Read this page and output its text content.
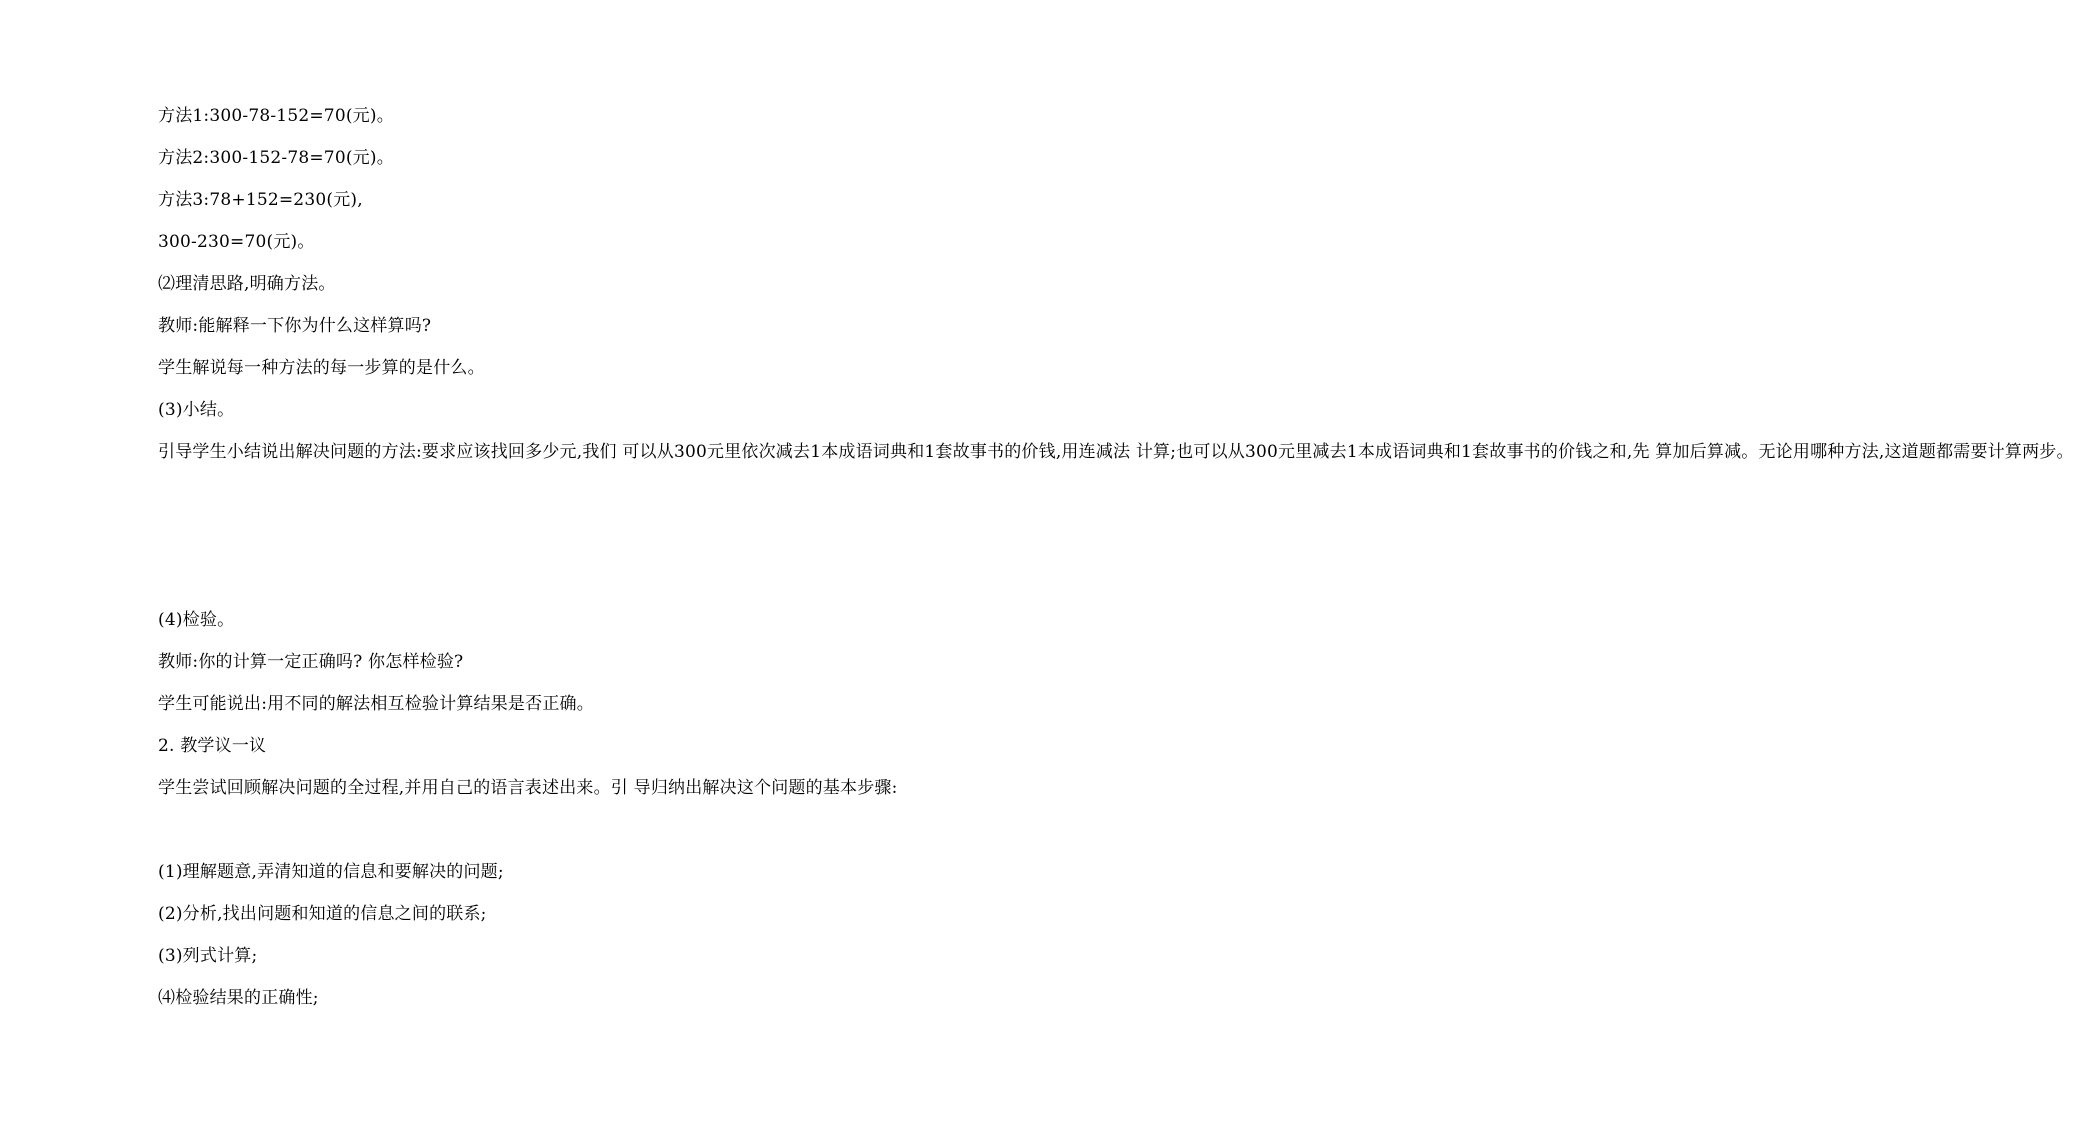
方法1:300-78-152=70(元)。

方法2:300-152-78=70(元)。

方法3:78+152=230(元),

300-230=70(元)。

⑵理清思路,明确方法。

教师:能解释一下你为什么这样算吗?

学生解说每一种方法的每一步算的是什么。

(3)小结。

引导学生小结说出解决问题的方法:要求应该找回多少元,我们 可以从300元里依次减去1本成语词典和1套故事书的价钱,用连减法 计算;也可以从300元里减去1本成语词典和1套故事书的价钱之和,先 算加后算减。无论用哪种方法,这道题都需要计算两步。

(4)检验。

教师:你的计算一定正确吗? 你怎样检验?

学生可能说出:用不同的解法相互检验计算结果是否正确。

2. 教学议一议

学生尝试回顾解决问题的全过程,并用自己的语言表述出来。引 导归纳出解决这个问题的基本步骤:

(1)理解题意,弄清知道的信息和要解决的问题;

(2)分析,找出问题和知道的信息之间的联系;

(3)列式计算;

⑷检验结果的正确性;
